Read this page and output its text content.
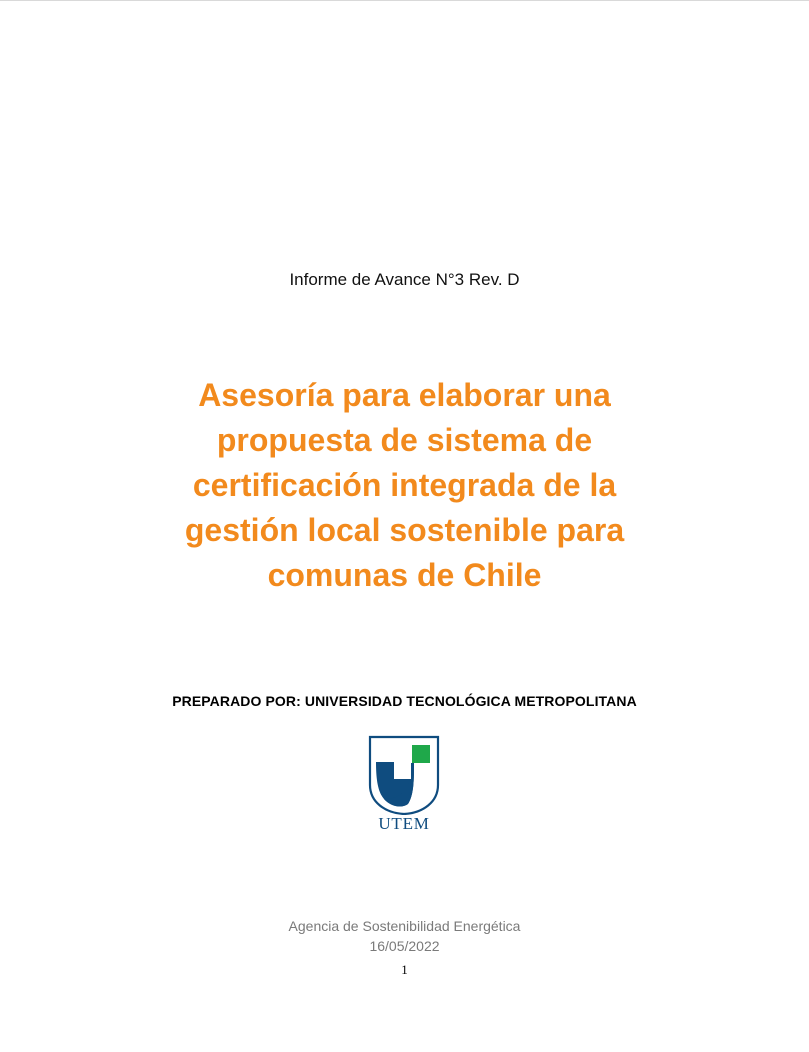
Informe de Avance N°3 Rev. D
Asesoría para elaborar una
propuesta de sistema de
certificación integrada de la
gestión local sostenible para
comunas de Chile
PREPARADO POR: UNIVERSIDAD TECNOLÓGICA METROPOLITANA
UTEM
Agencia de Sostenibilidad Energética
16/05/2022
1
